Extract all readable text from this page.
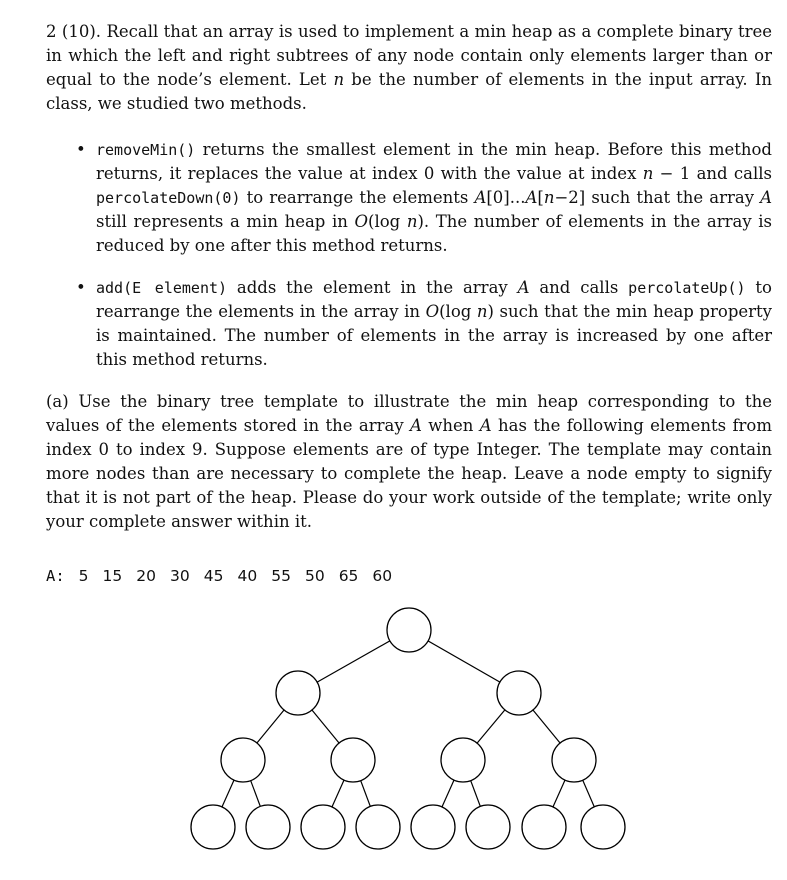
2 (10). Recall that an array is used to implement a min heap as a complete binary tree in which the left and right subtrees of any node contain only elements larger than or equal to the node’s element. Let n be the number of elements in the input array. In class, we studied two methods.

• removeMin() returns the smallest element in the min heap. Before this method returns, it replaces the value at index 0 with the value at index n − 1 and calls percolateDown(0) to rearrange the elements A[0]...A[n−2] such that the array A still represents a min heap in O(log n). The number of elements in the array is reduced by one after this method returns.
• add(E element) adds the element in the array A and calls percolateUp() to rearrange the elements in the array in O(log n) such that the min heap property is maintained. The number of elements in the array is increased by one after this method returns.

(a) Use the binary tree template to illustrate the min heap corresponding to the values of the elements stored in the array A when A has the following elements from index 0 to index 9. Suppose elements are of type Integer. The template may contain more nodes than are necessary to complete the heap. Leave a node empty to signify that it is not part of the heap. Please do your work outside of the template; write only your complete answer within it.

A: 5 15 20 30 45 40 55 50 65 60
